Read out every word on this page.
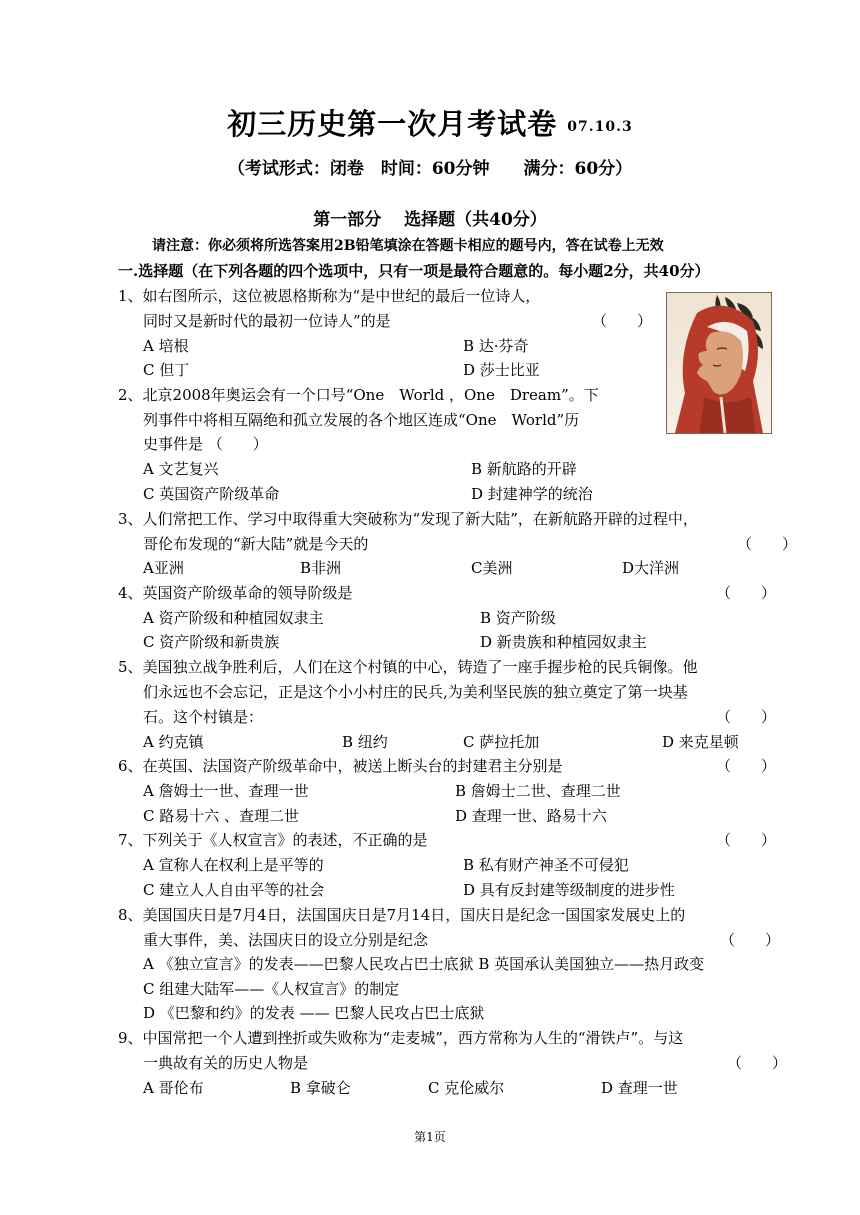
初三历史第一次月考试卷 07.10.3
（考试形式：闭卷　时间：60分钟　　满分：60分）
第一部分　 选择题（共40分）
请注意：你必须将所选答案用2B铅笔填涂在答题卡相应的题号内，答在试卷上无效
一.选择题（在下列各题的四个选项中，只有一项是最符合题意的。每小题2分，共40分）
1、如右图所示，这位被恩格斯称为“是中世纪的最后一位诗人，
同时又是新时代的最初一位诗人”的是	（　　）
A 培根	B 达·芬奇
C 但丁	D 莎士比亚
2、北京2008年奥运会有一个口号“One　World ，One　Dream”。下
列事件中将相互隔绝和孤立发展的各个地区连成“One　World”历
史事件是 （　　）
A 文艺复兴	B 新航路的开辟
C 英国资产阶级革命	D 封建神学的统治
3、人们常把工作、学习中取得重大突破称为“发现了新大陆”，在新航路开辟的过程中，
哥伦布发现的“新大陆”就是今天的	（　　）
A亚洲	B非洲	C美洲	D大洋洲
4、英国资产阶级革命的领导阶级是	（　　）
A 资产阶级和种植园奴隶主	B 资产阶级
C 资产阶级和新贵族	D 新贵族和种植园奴隶主
5、美国独立战争胜利后，人们在这个村镇的中心，铸造了一座手握步枪的民兵铜像。他
们永远也不会忘记，正是这个小小村庄的民兵,为美利坚民族的独立奠定了第一块基
石。这个村镇是：	（　　）
A 约克镇	B 纽约	C 萨拉托加	D 来克星顿
6、在英国、法国资产阶级革命中，被送上断头台的封建君主分别是	（　　）
A 詹姆士一世、查理一世	B 詹姆士二世、查理二世
C 路易十六 、查理二世	D 查理一世、路易十六
7、下列关于《人权宣言》的表述，不正确的是	（　　）
A 宣称人在权利上是平等的	B 私有财产神圣不可侵犯
C 建立人人自由平等的社会	D 具有反封建等级制度的进步性
8、美国国庆日是7月4日，法国国庆日是7月14日，国庆日是纪念一国国家发展史上的
重大事件，美、法国庆日的设立分别是纪念	（　　）
A 《独立宣言》的发表——巴黎人民攻占巴士底狱 B 英国承认美国独立——热月政变
C 组建大陆军——《人权宣言》的制定
D 《巴黎和约》的发表 —— 巴黎人民攻占巴士底狱
9、中国常把一个人遭到挫折或失败称为“走麦城”，西方常称为人生的“滑铁卢”。与这
一典故有关的历史人物是	（　　）
A 哥伦布	B 拿破仑	C 克伦威尔	D 查理一世
第1页
